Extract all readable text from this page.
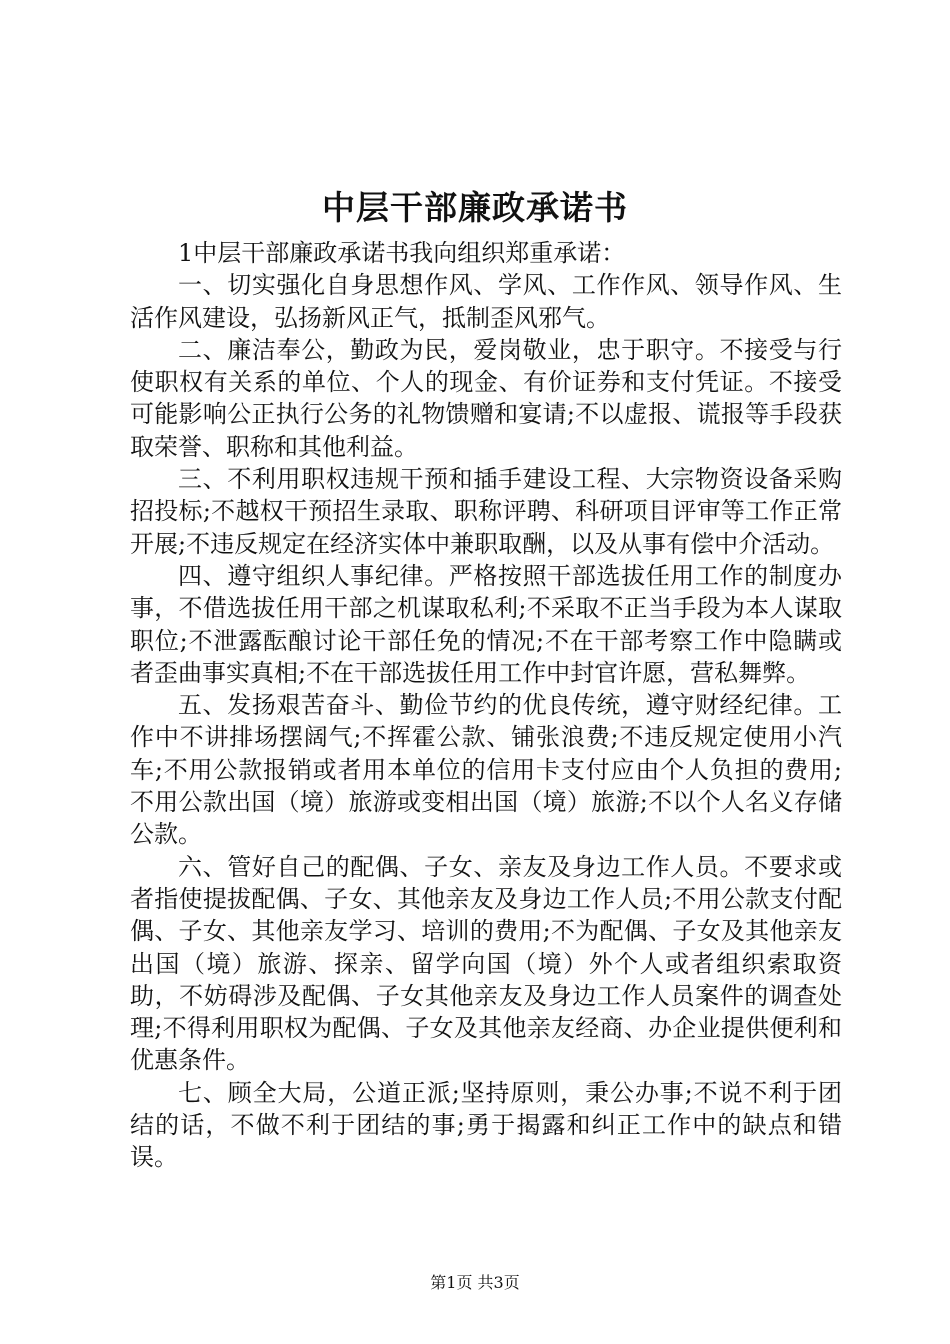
中层干部廉政承诺书

1中层干部廉政承诺书我向组织郑重承诺：

一、切实强化自身思想作风、学风、工作作风、领导作风、生活作风建设，弘扬新风正气，抵制歪风邪气。

二、廉洁奉公，勤政为民，爱岗敬业，忠于职守。不接受与行使职权有关系的单位、个人的现金、有价证券和支付凭证。不接受可能影响公正执行公务的礼物馈赠和宴请;不以虚报、谎报等手段获取荣誉、职称和其他利益。

三、不利用职权违规干预和插手建设工程、大宗物资设备采购招投标;不越权干预招生录取、职称评聘、科研项目评审等工作正常开展;不违反规定在经济实体中兼职取酬，以及从事有偿中介活动。

四、遵守组织人事纪律。严格按照干部选拔任用工作的制度办事，不借选拔任用干部之机谋取私利;不采取不正当手段为本人谋取职位;不泄露酝酿讨论干部任免的情况;不在干部考察工作中隐瞒或者歪曲事实真相;不在干部选拔任用工作中封官许愿，营私舞弊。

五、发扬艰苦奋斗、勤俭节约的优良传统，遵守财经纪律。工作中不讲排场摆阔气;不挥霍公款、铺张浪费;不违反规定使用小汽车;不用公款报销或者用本单位的信用卡支付应由个人负担的费用;不用公款出国（境）旅游或变相出国（境）旅游;不以个人名义存储公款。

六、管好自己的配偶、子女、亲友及身边工作人员。不要求或者指使提拔配偶、子女、其他亲友及身边工作人员;不用公款支付配偶、子女、其他亲友学习、培训的费用;不为配偶、子女及其他亲友出国（境）旅游、探亲、留学向国（境）外个人或者组织索取资助，不妨碍涉及配偶、子女其他亲友及身边工作人员案件的调查处理;不得利用职权为配偶、子女及其他亲友经商、办企业提供便利和优惠条件。

七、顾全大局，公道正派;坚持原则，秉公办事;不说不利于团结的话，不做不利于团结的事;勇于揭露和纠正工作中的缺点和错误。

第1页 共3页
